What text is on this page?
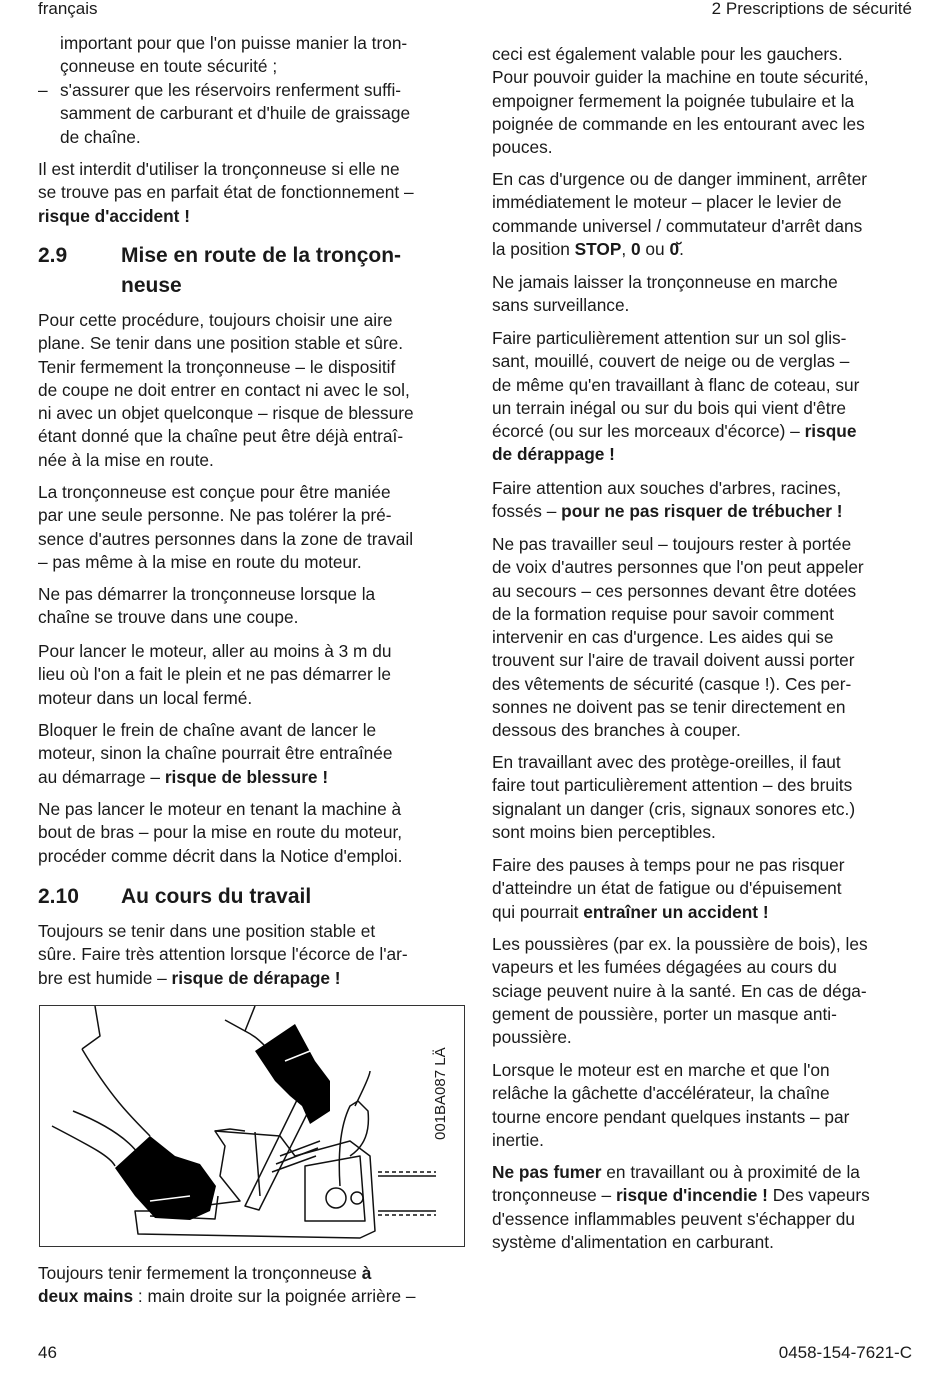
français	2 Prescriptions de sécurité
important pour que l'on puisse manier la tron-
çonneuse en toute sécurité ;
– s'assurer que les réservoirs renferment suffi-
samment de carburant et d'huile de graissage
de chaîne.
Il est interdit d'utiliser la tronçonneuse si elle ne
se trouve pas en parfait état de fonctionnement –
risque d'accident !
2.9	Mise en route de la tronçon-
neuse
Pour cette procédure, toujours choisir une aire
plane. Se tenir dans une position stable et sûre.
Tenir fermement la tronçonneuse – le dispositif
de coupe ne doit entrer en contact ni avec le sol,
ni avec un objet quelconque – risque de blessure
étant donné que la chaîne peut être déjà entraî-
née à la mise en route.
La tronçonneuse est conçue pour être maniée
par une seule personne. Ne pas tolérer la pré-
sence d'autres personnes dans la zone de travail
– pas même à la mise en route du moteur.
Ne pas démarrer la tronçonneuse lorsque la
chaîne se trouve dans une coupe.
Pour lancer le moteur, aller au moins à 3 m du
lieu où l'on a fait le plein et ne pas démarrer le
moteur dans un local fermé.
Bloquer le frein de chaîne avant de lancer le
moteur, sinon la chaîne pourrait être entraînée
au démarrage – risque de blessure !
Ne pas lancer le moteur en tenant la machine à
bout de bras – pour la mise en route du moteur,
procéder comme décrit dans la Notice d'emploi.
2.10 Au cours du travail
Toujours se tenir dans une position stable et
sûre. Faire très attention lorsque l'écorce de l'ar-
bre est humide – risque de dérapage !
001BA087 LÄ
Toujours tenir fermement la tronçonneuse à
deux mains : main droite sur la poignée arrière –
ceci est également valable pour les gauchers.
Pour pouvoir guider la machine en toute sécurité,
empoigner fermement la poignée tubulaire et la
poignée de commande en les entourant avec les
pouces.
En cas d'urgence ou de danger imminent, arrêter
immédiatement le moteur – placer le levier de
commande universel / commutateur d'arrêt dans
la position STOP, 0 ou 0̆.
Ne jamais laisser la tronçonneuse en marche
sans surveillance.
Faire particulièrement attention sur un sol glis-
sant, mouillé, couvert de neige ou de verglas –
de même qu'en travaillant à flanc de coteau, sur
un terrain inégal ou sur du bois qui vient d'être
écorcé (ou sur les morceaux d'écorce) – risque
de dérappage !
Faire attention aux souches d'arbres, racines,
fossés – pour ne pas risquer de trébucher !
Ne pas travailler seul – toujours rester à portée
de voix d'autres personnes que l'on peut appeler
au secours – ces personnes devant être dotées
de la formation requise pour savoir comment
intervenir en cas d'urgence. Les aides qui se
trouvent sur l'aire de travail doivent aussi porter
des vêtements de sécurité (casque !). Ces per-
sonnes ne doivent pas se tenir directement en
dessous des branches à couper.
En travaillant avec des protège-oreilles, il faut
faire tout particulièrement attention – des bruits
signalant un danger (cris, signaux sonores etc.)
sont moins bien perceptibles.
Faire des pauses à temps pour ne pas risquer
d'atteindre un état de fatigue ou d'épuisement
qui pourrait entraîner un accident !
Les poussières (par ex. la poussière de bois), les
vapeurs et les fumées dégagées au cours du
sciage peuvent nuire à la santé. En cas de déga-
gement de poussière, porter un masque anti-
poussière.
Lorsque le moteur est en marche et que l'on
relâche la gâchette d'accélérateur, la chaîne
tourne encore pendant quelques instants – par
inertie.
Ne pas fumer en travaillant ou à proximité de la
tronçonneuse – risque d'incendie ! Des vapeurs
d'essence inflammables peuvent s'échapper du
système d'alimentation en carburant.
46	0458-154-7621-C
